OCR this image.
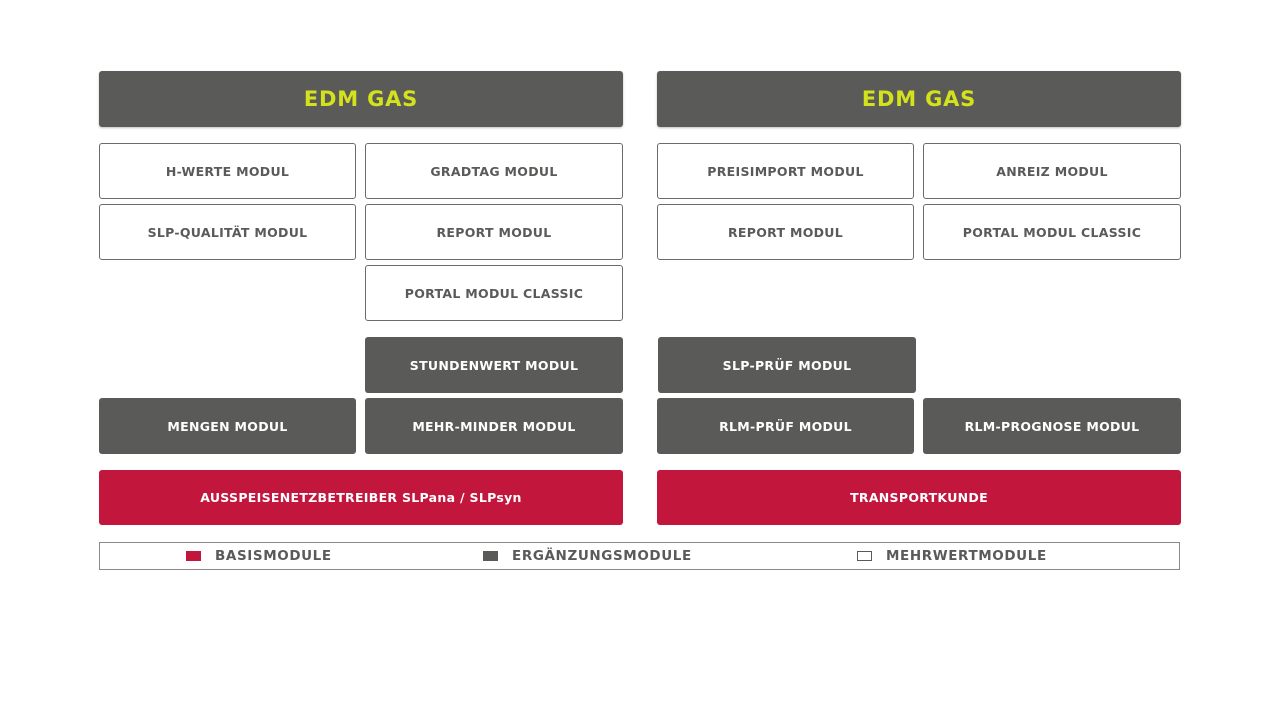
EDM GAS
H-WERTE MODUL	GRADTAG MODUL
SLP-QUALITÄT MODUL	REPORT MODUL
PORTAL MODUL CLASSIC
STUNDENWERT MODUL
MENGEN MODUL	MEHR-MINDER MODUL
AUSSPEISENETZBETREIBER SLPana / SLPsyn
EDM GAS
PREISIMPORT MODUL	ANREIZ MODUL
REPORT MODUL	PORTAL MODUL CLASSIC
SLP-PRÜF MODUL
RLM-PRÜF MODUL	RLM-PROGNOSE MODUL
TRANSPORTKUNDE
BASISMODULE	ERGÄNZUNGSMODULE	MEHRWERTMODULE
